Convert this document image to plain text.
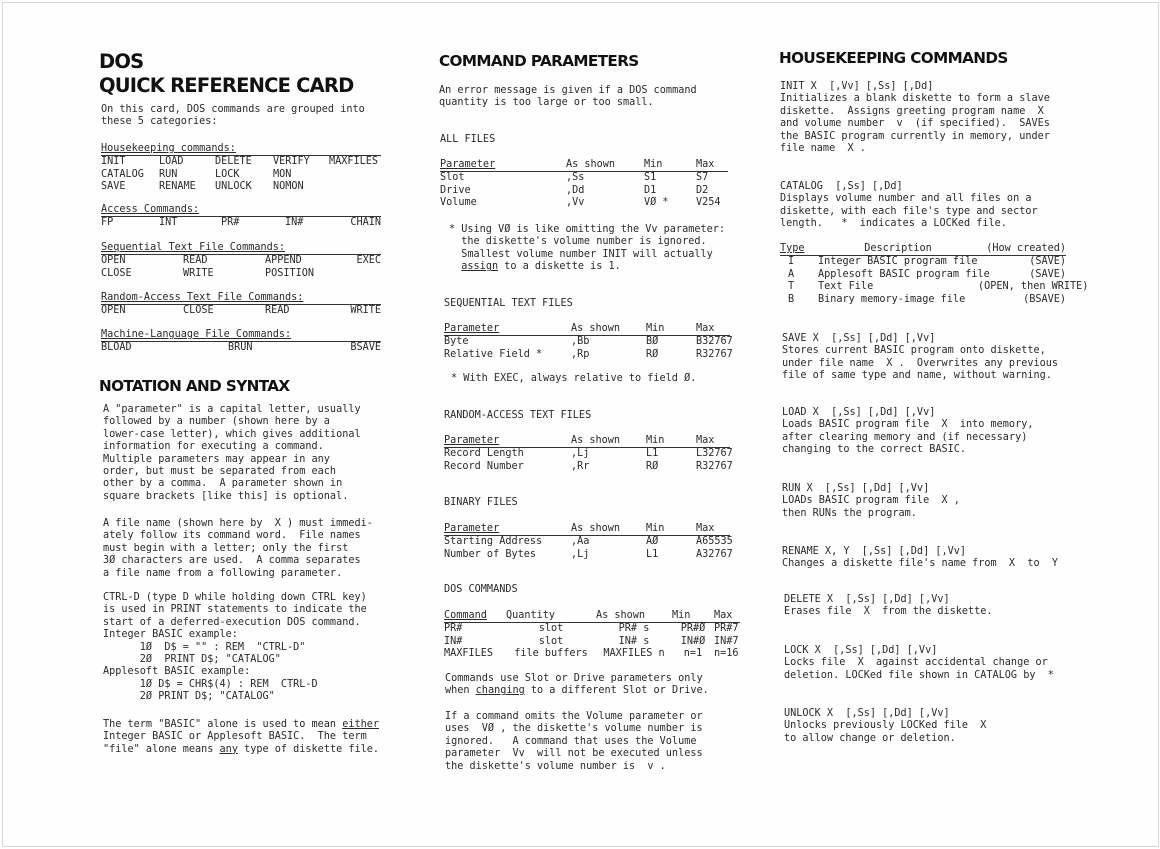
DOS
QUICK REFERENCE CARD

On this card, DOS commands are grouped into
these 5 categories:

Housekeeping commands:
INIT	LOAD	DELETE	VERIFY	MAXFILES
CATALOG	RUN	LOCK	MON
SAVE	RENAME	UNLOCK	NOMON
Access Commands:
FP	INT	PR#	IN#	CHAIN
Sequential Text File Commands:
OPEN	READ	APPEND	EXEC
CLOSE	WRITE	POSITION
Random-Access Text File Commands:
OPEN	CLOSE	READ	WRITE
Machine-Language File Commands:
BLOAD	BRUN	BSAVE
NOTATION AND SYNTAX

A "parameter" is a capital letter, usually
followed by a number (shown here by a
lower-case letter), which gives additional
information for executing a command.
Multiple parameters may appear in any
order, but must be separated from each
other by a comma.  A parameter shown in
square brackets [like this] is optional.

A file name (shown here by  X ) must immedi-
ately follow its command word.  File names
must begin with a letter; only the first
3Ø characters are used.  A comma separates
a file name from a following parameter.

CTRL-D (type D while holding down CTRL key)
is used in PRINT statements to indicate the
start of a deferred-execution DOS command.
Integer BASIC example:
1Ø  D$ = "" : REM  "CTRL-D"
2Ø  PRINT D$; "CATALOG"
Applesoft BASIC example:
1Ø D$ = CHR$(4) : REM  CTRL-D
2Ø PRINT D$; "CATALOG"

The term "BASIC" alone is used to mean either
Integer BASIC or Applesoft BASIC.  The term
"file" alone means any type of diskette file.

COMMAND PARAMETERS

An error message is given if a DOS command
quantity is too large or too small.

ALL FILES
Parameter	As shown	Min	Max
Slot	,Ss	S1	S7
Drive	,Dd	D1	D2
Volume	,Vv	VØ *	V254

* Using VØ is like omitting the Vv parameter:
the diskette's volume number is ignored.
Smallest volume number INIT will actually
assign to a diskette is 1.

SEQUENTIAL TEXT FILES
Parameter	As shown	Min	Max
Byte	,Bb	BØ	B32767
Relative Field *	,Rp	RØ	R32767

* With EXEC, always relative to field Ø.

RANDOM-ACCESS TEXT FILES
Parameter	As shown	Min	Max
Record Length	,Lj	L1	L32767
Record Number	,Rr	RØ	R32767
BINARY FILES
Parameter	As shown	Min	Max
Starting Address	,Aa	AØ	A65535
Number of Bytes	,Lj	L1	A32767
DOS COMMANDS
Command	Quantity	As shown	Min	Max
PR#	slot	PR# s	PR#Ø PR#7
IN#	slot	IN# s	IN#Ø IN#7
MAXFILES	file buffers	MAXFILES n	n=1	n=16

Commands use Slot or Drive parameters only
when changing to a different Slot or Drive.

If a command omits the Volume parameter or
uses  VØ , the diskette's volume number is
ignored.   A command that uses the Volume
parameter  Vv  will not be executed unless
the diskette's volume number is  v .

HOUSEKEEPING COMMANDS

INIT X  [,Vv] [,Ss] [,Dd]
Initializes a blank diskette to form a slave
diskette.  Assigns greeting program name  X
and volume number  v  (if specified).  SAVEs
the BASIC program currently in memory, under
file name  X .

CATALOG  [,Ss] [,Dd]
Displays volume number and all files on a
diskette, with each file's type and sector
length.   *  indicates a LOCKed file.

Type	Description	(How created)
I	Integer BASIC program file	(SAVE)
A	Applesoft BASIC program file	(SAVE)
T	Text File	(OPEN, then WRITE)
B	Binary memory-image file	(BSAVE)

SAVE X  [,Ss] [,Dd] [,Vv]
Stores current BASIC program onto diskette,
under file name  X .  Overwrites any previous
file of same type and name, without warning.

LOAD X  [,Ss] [,Dd] [,Vv]
Loads BASIC program file  X  into memory,
after clearing memory and (if necessary)
changing to the correct BASIC.

RUN X  [,Ss] [,Dd] [,Vv]
LOADs BASIC program file  X ,
then RUNs the program.

RENAME X, Y  [,Ss] [,Dd] [,Vv]
Changes a diskette file's name from  X  to  Y

DELETE X  [,Ss] [,Dd] [,Vv]
Erases file  X  from the diskette.

LOCK X  [,Ss] [,Dd] [,Vv]
Locks file  X  against accidental change or
deletion. LOCKed file shown in CATALOG by  *

UNLOCK X  [,Ss] [,Dd] [,Vv]
Unlocks previously LOCKed file  X
to allow change or deletion.
